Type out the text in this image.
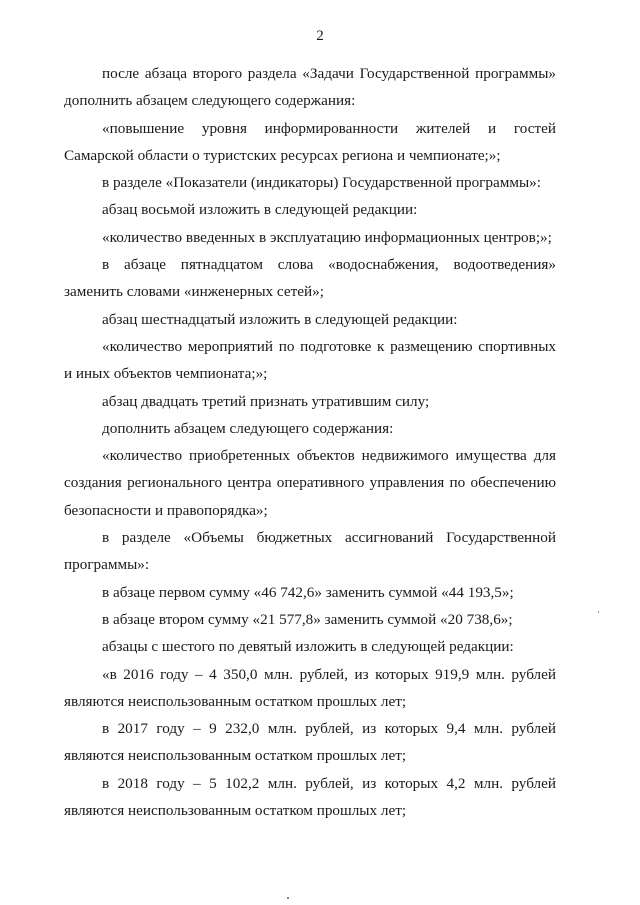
2

после абзаца второго раздела «Задачи Государственной программы» дополнить абзацем следующего содержания:

«повышение уровня информированности жителей и гостей Самарской области о туристских ресурсах региона и чемпионате;»;

в разделе «Показатели (индикаторы) Государственной программы»:

абзац восьмой изложить в следующей редакции:

«количество введенных в эксплуатацию информационных центров;»;

в абзаце пятнадцатом слова «водоснабжения, водоотведения» заменить словами «инженерных сетей»;

абзац шестнадцатый изложить в следующей редакции:

«количество мероприятий по подготовке к размещению спортивных и иных объектов чемпионата;»;

абзац двадцать третий признать утратившим силу;

дополнить абзацем следующего содержания:

«количество приобретенных объектов недвижимого имущества для создания регионального центра оперативного управления по обеспечению безопасности и правопорядка»;

в разделе «Объемы бюджетных ассигнований Государственной программы»:

в абзаце первом сумму «46 742,6» заменить суммой «44 193,5»;

в абзаце втором сумму «21 577,8» заменить суммой «20 738,6»;

абзацы с шестого по девятый изложить в следующей редакции:

«в 2016 году – 4 350,0 млн. рублей, из которых 919,9 млн. рублей являются неиспользованным остатком прошлых лет;

в 2017 году – 9 232,0 млн. рублей, из которых 9,4 млн. рублей являются неиспользованным остатком прошлых лет;

в 2018 году – 5 102,2 млн. рублей, из которых 4,2 млн. рублей являются неиспользованным остатком прошлых лет;
